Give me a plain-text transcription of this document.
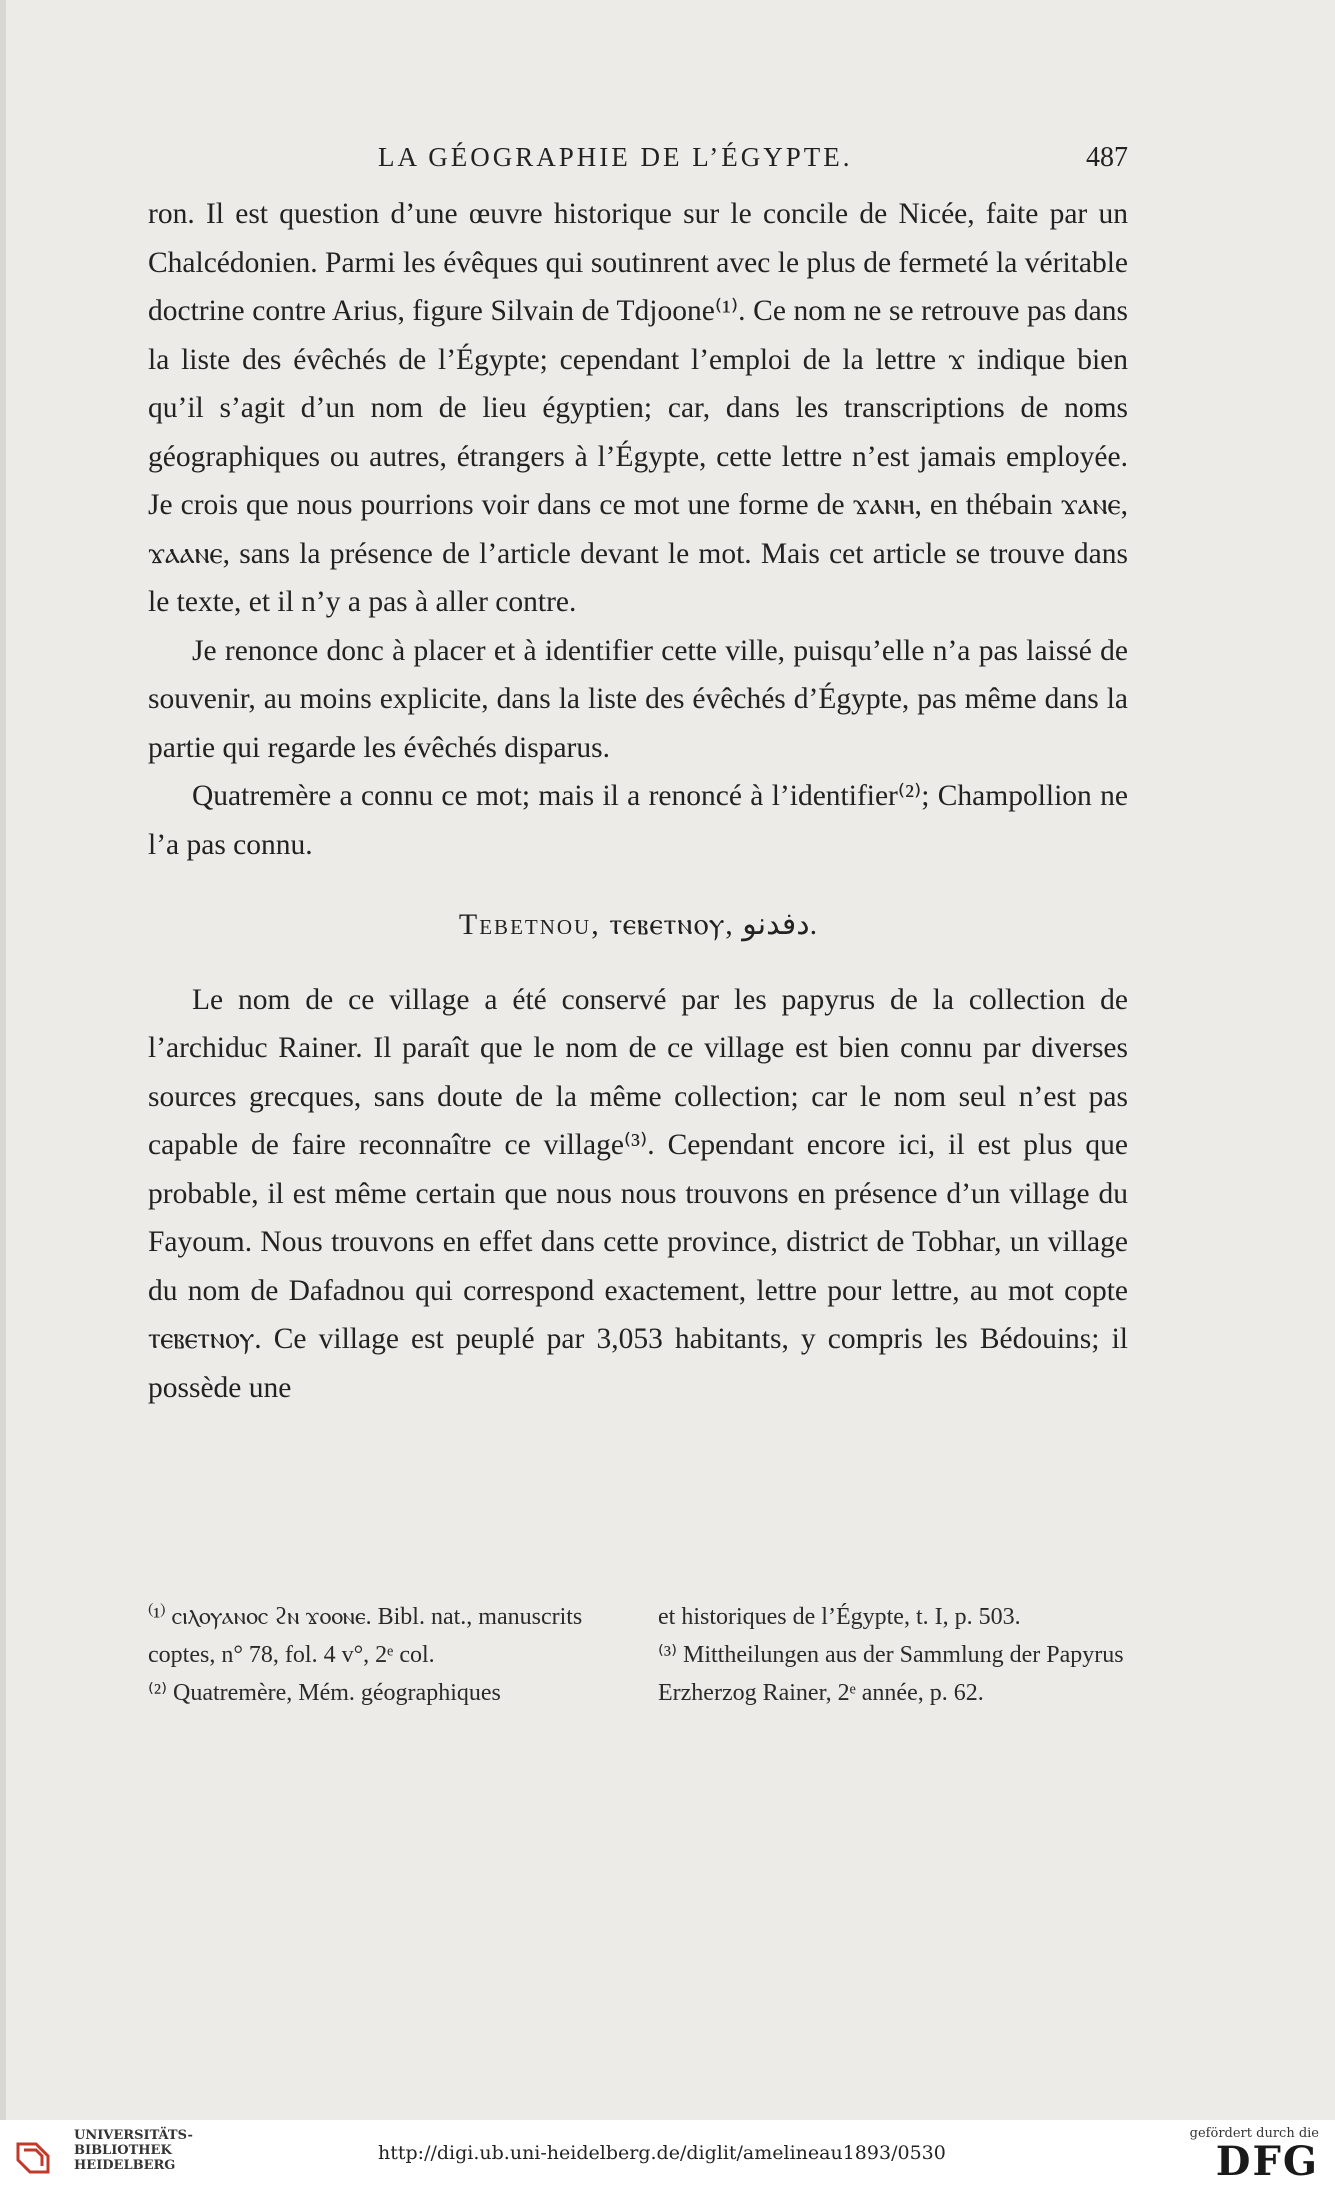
LA GÉOGRAPHIE DE L’ÉGYPTE.	487

ron. Il est question d’une œuvre historique sur le concile de Nicée, faite par un Chalcédonien. Parmi les évêques qui soutinrent avec le plus de fermeté la véritable doctrine contre Arius, figure Silvain de Tdjoone⁽¹⁾. Ce nom ne se retrouve pas dans la liste des évêchés de l’Égypte; cependant l’emploi de la lettre ϫ indique bien qu’il s’agit d’un nom de lieu égyptien; car, dans les transcriptions de noms géographiques ou autres, étrangers à l’Égypte, cette lettre n’est jamais employée. Je crois que nous pourrions voir dans ce mot une forme de ϫⲁⲛⲏ, en thébain ϫⲁⲛⲉ, ϫⲁⲁⲛⲉ, sans la présence de l’article devant le mot. Mais cet article se trouve dans le texte, et il n’y a pas à aller contre.

Je renonce donc à placer et à identifier cette ville, puisqu’elle n’a pas laissé de souvenir, au moins explicite, dans la liste des évêchés d’Égypte, pas même dans la partie qui regarde les évêchés disparus.

Quatremère a connu ce mot; mais il a renoncé à l’identifier⁽²⁾; Champollion ne l’a pas connu.

Tebetnou, ⲧⲉⲃⲉⲧⲛⲟⲩ, دفدنو.

Le nom de ce village a été conservé par les papyrus de la collection de l’archiduc Rainer. Il paraît que le nom de ce village est bien connu par diverses sources grecques, sans doute de la même collection; car le nom seul n’est pas capable de faire reconnaître ce village⁽³⁾. Cependant encore ici, il est plus que probable, il est même certain que nous nous trouvons en présence d’un village du Fayoum. Nous trouvons en effet dans cette province, district de Tobhar, un village du nom de Dafadnou qui correspond exactement, lettre pour lettre, au mot copte ⲧⲉⲃⲉⲧⲛⲟⲩ. Ce village est peuplé par 3,053 habitants, y compris les Bédouins; il possède une

⁽¹⁾ ⲥⲓⲗⲟⲩⲁⲛⲟⲥ ϩⲛ ϫⲟⲟⲛⲉ. Bibl. nat., manuscrits coptes, n° 78, fol. 4 v°, 2ᵉ col.

⁽²⁾ Quatremère, Mém. géographiques

et historiques de l’Égypte, t. I, p. 503.

⁽³⁾ Mittheilungen aus der Sammlung der Papyrus Erzherzog Rainer, 2ᵉ année, p. 62.

UNIVERSITÄTS-
BIBLIOTHEK
HEIDELBERG
http://digi.ub.uni-heidelberg.de/diglit/amelineau1893/0530
gefördert durch die
DFG
